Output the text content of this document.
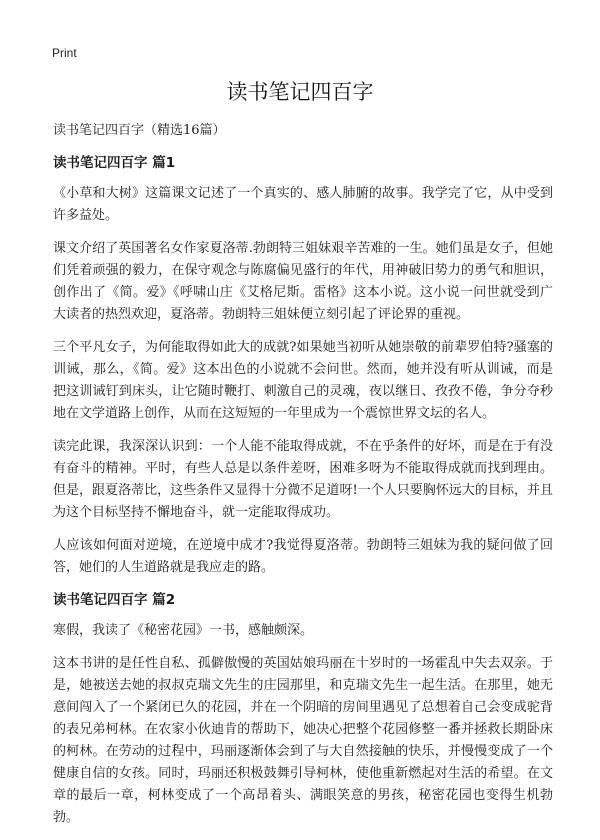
Print
读书笔记四百字

读书笔记四百字（精选16篇）

读书笔记四百字 篇1

《小草和大树》这篇课文记述了一个真实的、感人肺腑的故事。我学完了它，从中受到许多益处。

课文介绍了英国著名女作家夏洛蒂.勃朗特三姐妹艰辛苦难的一生。她们虽是女子，但她们凭着顽强的毅力，在保守观念与陈腐偏见盛行的年代，用神破旧势力的勇气和胆识，创作出了《简。爱》《呼啸山庄《艾格尼斯。雷格》这本小说。这小说一问世就受到广大读者的热烈欢迎，夏洛蒂。勃朗特三姐妹便立刻引起了评论界的重视。

三个平凡女子，为何能取得如此大的成就?如果她当初听从她崇敬的前辈罗伯特?骚塞的训诫，那么，《简。爱》这本出色的小说就不会问世。然而，她并没有听从训诫，而是把这训诫钉到床头，让它随时鞭打、刺激自己的灵魂，夜以继日、孜孜不倦，争分夺秒地在文学道路上创作，从而在这短短的一年里成为一个震惊世界文坛的名人。

读完此课，我深深认识到：一个人能不能取得成就，不在乎条件的好坏，而是在于有没有奋斗的精神。平时，有些人总是以条件差呀，困难多呀为不能取得成就而找到理由。但是，跟夏洛蒂比，这些条件又显得十分微不足道呀!一个人只要胸怀远大的目标，并且为这个目标坚持不懈地奋斗，就一定能取得成功。

人应该如何面对逆境，在逆境中成才?我觉得夏洛蒂。勃朗特三姐妹为我的疑问做了回答，她们的人生道路就是我应走的路。

读书笔记四百字 篇2

寒假，我读了《秘密花园》一书，感触颇深。

这本书讲的是任性自私、孤僻傲慢的英国姑娘玛丽在十岁时的一场霍乱中失去双亲。于是，她被送去她的叔叔克瑞文先生的庄园那里，和克瑞文先生一起生活。在那里，她无意间闯入了一个紧闭已久的花园，并在一个阴暗的房间里遇见了总想着自己会变成驼背的表兄弟柯林。在农家小伙迪肯的帮助下，她决心把整个花园修整一番并拯救长期卧床的柯林。在劳动的过程中，玛丽逐渐体会到了与大自然接触的快乐，并慢慢变成了一个健康自信的女孩。同时，玛丽还积极鼓舞引导柯林，使他重新燃起对生活的希望。在文章的最后一章，柯林变成了一个高昂着头、满眼笑意的男孩，秘密花园也变得生机勃勃。
